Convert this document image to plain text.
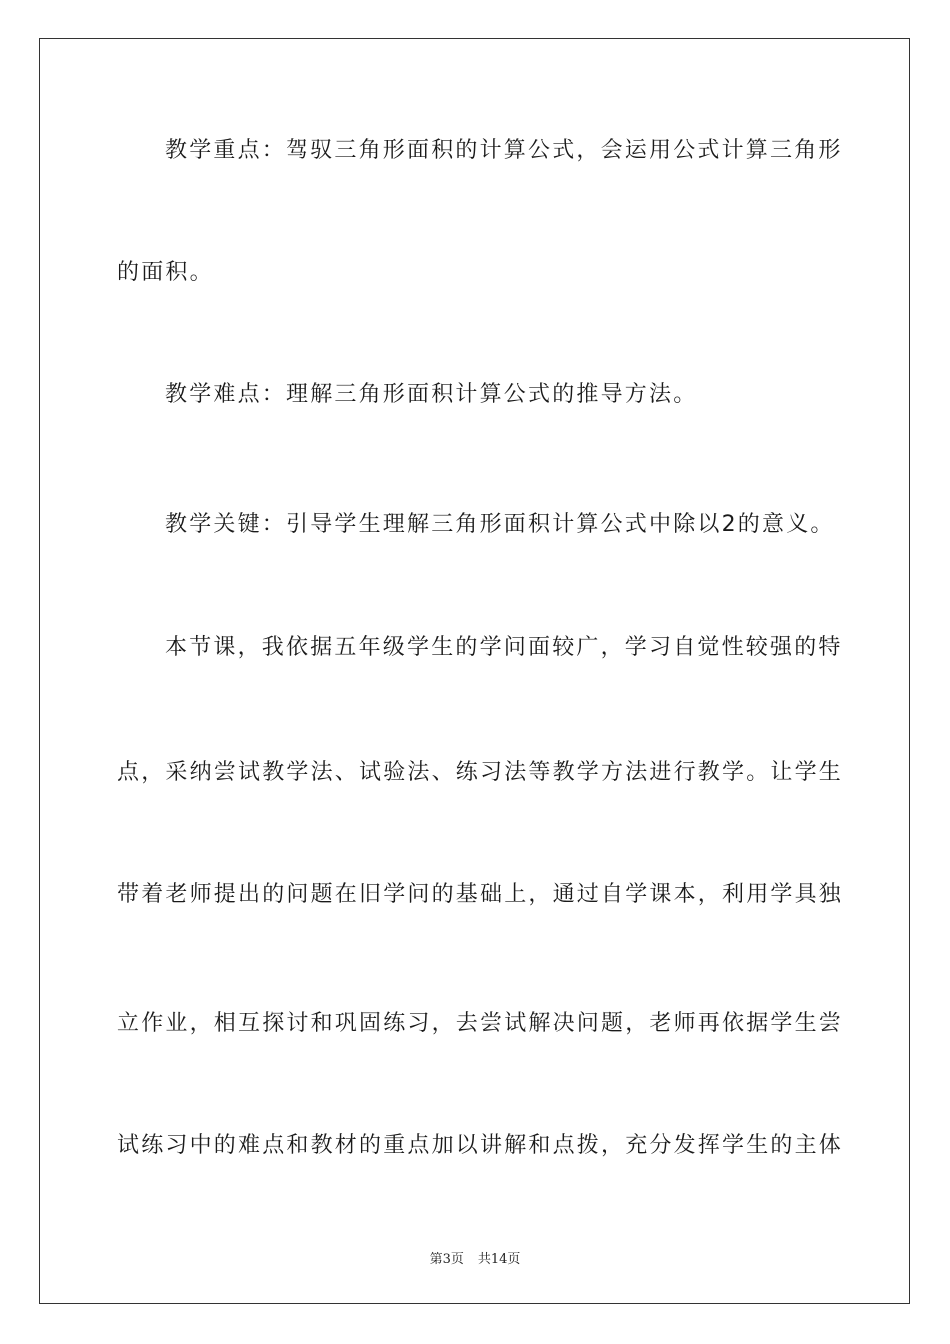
教学重点：驾驭三角形面积的计算公式，会运用公式计算三角形
的面积。
教学难点：理解三角形面积计算公式的推导方法。
教学关键：引导学生理解三角形面积计算公式中除以2的意义。
本节课，我依据五年级学生的学问面较广，学习自觉性较强的特
点，采纳尝试教学法、试验法、练习法等教学方法进行教学。让学生
带着老师提出的问题在旧学问的基础上，通过自学课本，利用学具独
立作业，相互探讨和巩固练习，去尝试解决问题，老师再依据学生尝
试练习中的难点和教材的重点加以讲解和点拨，充分发挥学生的主体
第3页 共14页
